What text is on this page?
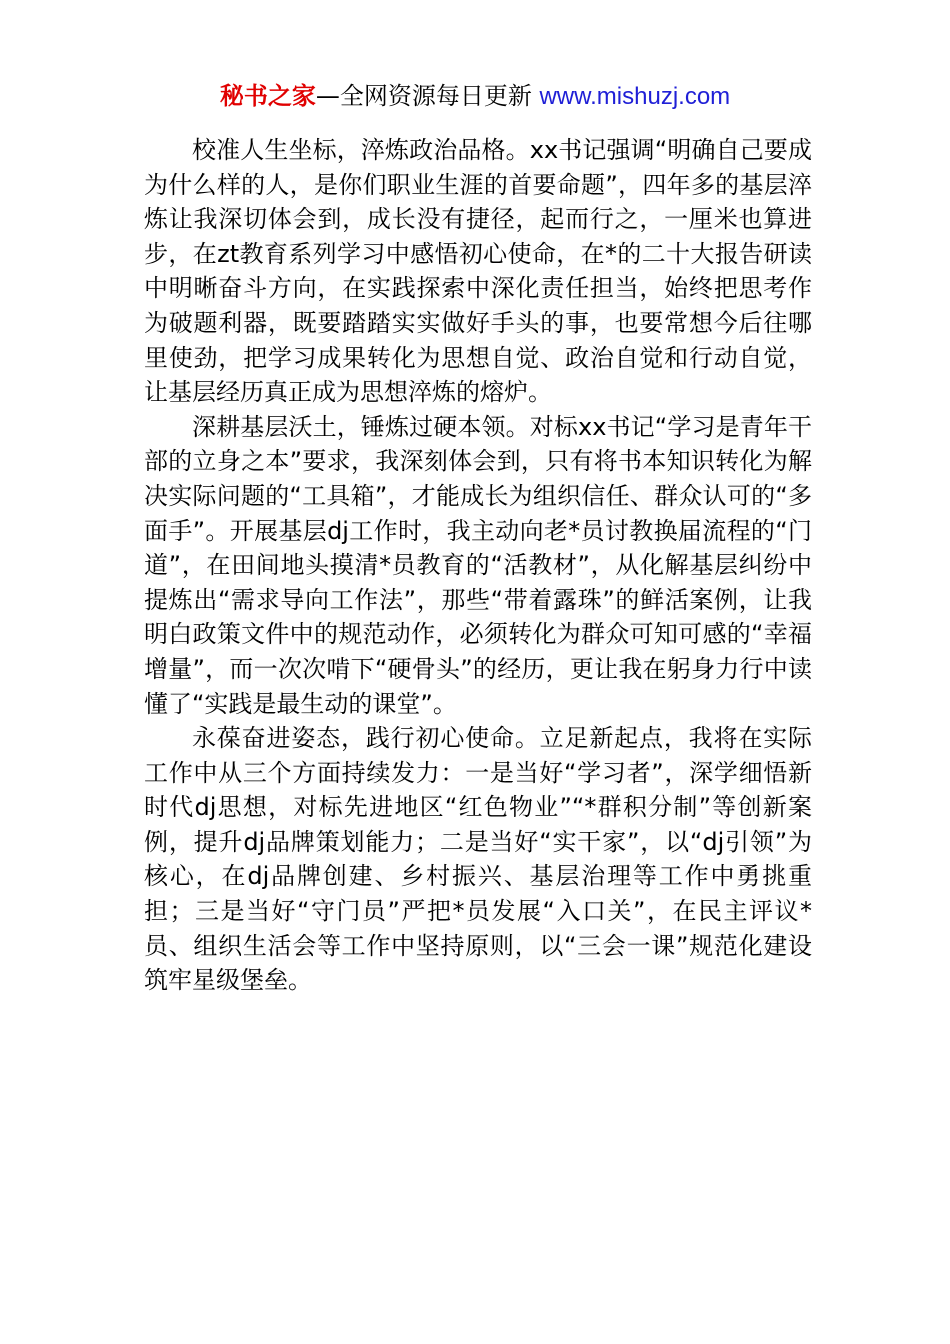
秘书之家—全网资源每日更新 www.mishuzj.com

校准人生坐标，淬炼政治品格。xx书记强调“明确自己要成为什么样的人，是你们职业生涯的首要命题”，四年多的基层淬炼让我深切体会到，成长没有捷径，起而行之，一厘米也算进步，在zt教育系列学习中感悟初心使命，在*的二十大报告研读中明晰奋斗方向，在实践探索中深化责任担当，始终把思考作为破题利器，既要踏踏实实做好手头的事，也要常想今后往哪里使劲，把学习成果转化为思想自觉、政治自觉和行动自觉，让基层经历真正成为思想淬炼的熔炉。

深耕基层沃土，锤炼过硬本领。对标xx书记“学习是青年干部的立身之本”要求，我深刻体会到，只有将书本知识转化为解决实际问题的“工具箱”，才能成长为组织信任、群众认可的“多面手”。开展基层dj工作时，我主动向老*员讨教换届流程的“门道”，在田间地头摸清*员教育的“活教材”，从化解基层纠纷中提炼出“需求导向工作法”，那些“带着露珠”的鲜活案例，让我明白政策文件中的规范动作，必须转化为群众可知可感的“幸福增量”，而一次次啃下“硬骨头”的经历，更让我在躬身力行中读懂了“实践是最生动的课堂”。

永葆奋进姿态，践行初心使命。立足新起点，我将在实际工作中从三个方面持续发力：一是当好“学习者”，深学细悟新时代dj思想，对标先进地区“红色物业”“*群积分制”等创新案例，提升dj品牌策划能力；二是当好“实干家”，以“dj引领”为核心，在dj品牌创建、乡村振兴、基层治理等工作中勇挑重担；三是当好“守门员”严把*员发展“入口关”，在民主评议*员、组织生活会等工作中坚持原则，以“三会一课”规范化建设筑牢星级堡垒。
